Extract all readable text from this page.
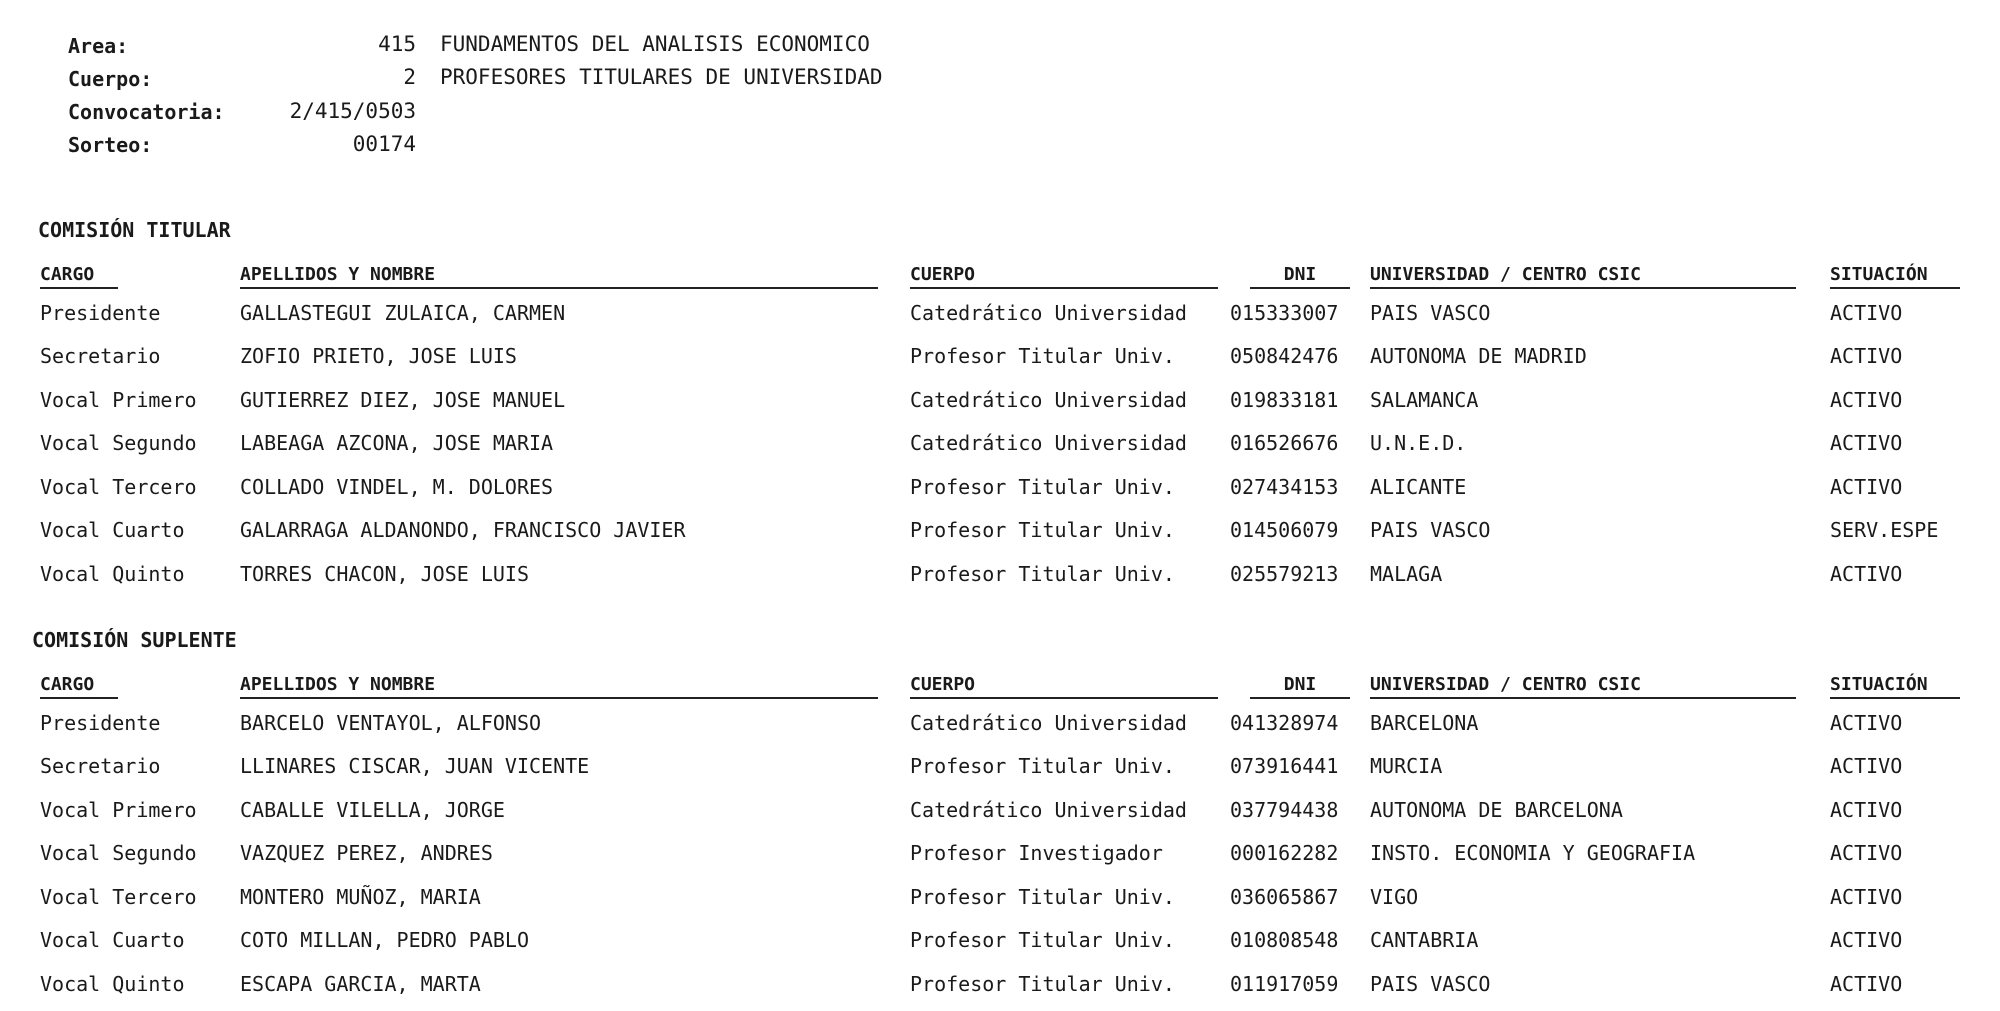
Area:	415 FUNDAMENTOS DEL ANALISIS ECONOMICO
Cuerpo:	2 PROFESORES TITULARES DE UNIVERSIDAD
Convocatoria:	2/415/0503
Sorteo:	00174
COMISIÓN TITULAR
CARGO	APELLIDOS Y NOMBRE	CUERPO	DNI	UNIVERSIDAD / CENTRO CSIC	SITUACIÓN

Presidente	GALLASTEGUI ZULAICA, CARMEN	Catedrático Universidad	015333007	PAIS VASCO	ACTIVO
Secretario	ZOFIO PRIETO, JOSE LUIS	Profesor Titular Univ.	050842476	AUTONOMA DE MADRID	ACTIVO
Vocal Primero	GUTIERREZ DIEZ, JOSE MANUEL	Catedrático Universidad	019833181	SALAMANCA	ACTIVO
Vocal Segundo	LABEAGA AZCONA, JOSE MARIA	Catedrático Universidad	016526676	U.N.E.D.	ACTIVO
Vocal Tercero	COLLADO VINDEL, M. DOLORES	Profesor Titular Univ.	027434153	ALICANTE	ACTIVO
Vocal Cuarto	GALARRAGA ALDANONDO, FRANCISCO JAVIER	Profesor Titular Univ.	014506079	PAIS VASCO	SERV.ESPE
Vocal Quinto	TORRES CHACON, JOSE LUIS	Profesor Titular Univ.	025579213	MALAGA	ACTIVO
COMISIÓN SUPLENTE
CARGO	APELLIDOS Y NOMBRE	CUERPO	DNI	UNIVERSIDAD / CENTRO CSIC	SITUACIÓN

Presidente	BARCELO VENTAYOL, ALFONSO	Catedrático Universidad	041328974	BARCELONA	ACTIVO
Secretario	LLINARES CISCAR, JUAN VICENTE	Profesor Titular Univ.	073916441	MURCIA	ACTIVO
Vocal Primero	CABALLE VILELLA, JORGE	Catedrático Universidad	037794438	AUTONOMA DE BARCELONA	ACTIVO
Vocal Segundo	VAZQUEZ PEREZ, ANDRES	Profesor Investigador	000162282	INSTO. ECONOMIA Y GEOGRAFIA	ACTIVO
Vocal Tercero	MONTERO MUÑOZ, MARIA	Profesor Titular Univ.	036065867	VIGO	ACTIVO
Vocal Cuarto	COTO MILLAN, PEDRO PABLO	Profesor Titular Univ.	010808548	CANTABRIA	ACTIVO
Vocal Quinto	ESCAPA GARCIA, MARTA	Profesor Titular Univ.	011917059	PAIS VASCO	ACTIVO
